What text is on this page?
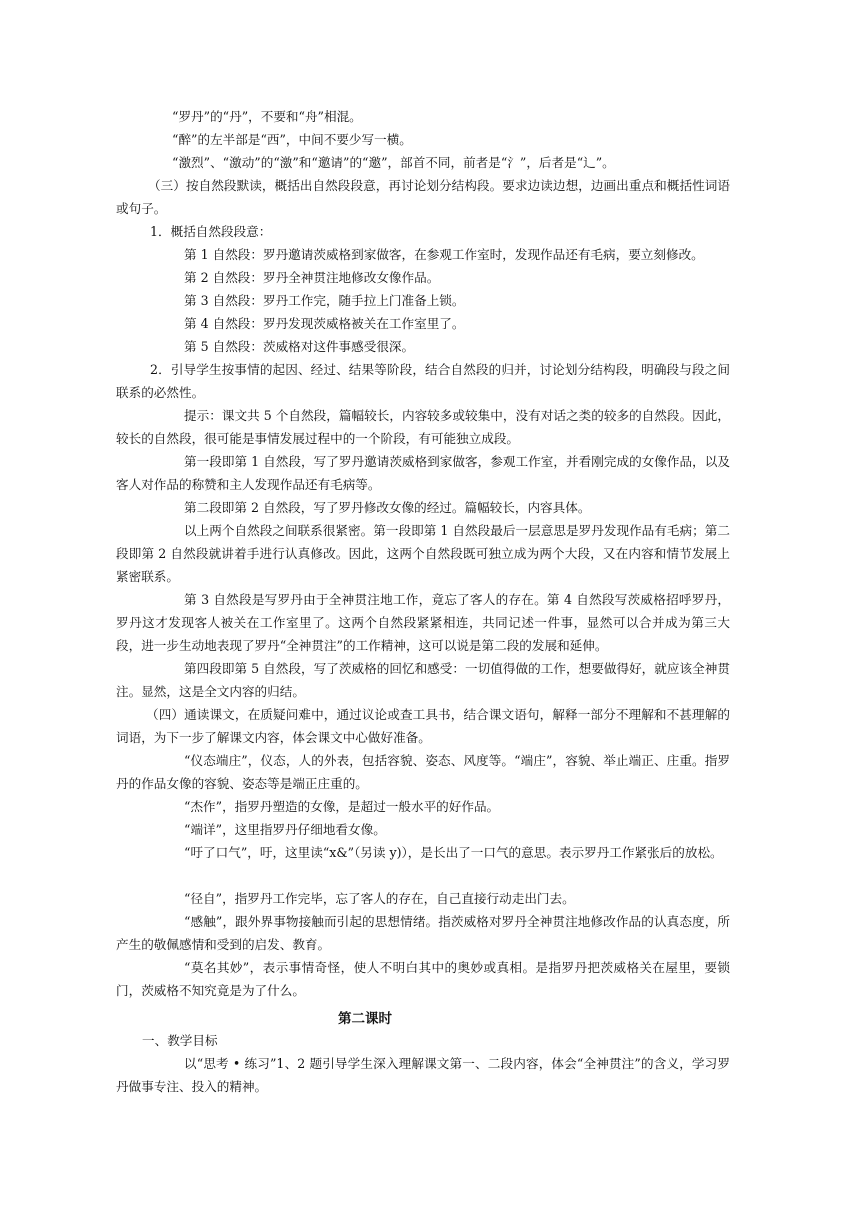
“罗丹”的“丹”，不要和“舟”相混。
“醉”的左半部是“西”，中间不要少写一横。
“激烈”、“激动”的“激”和“邀请”的“邀”，部首不同，前者是“氵”，后者是“辶”。
（三）按自然段默读，概括出自然段段意，再讨论划分结构段。要求边读边想，边画出重点和概括性词语或句子。
1．概括自然段段意：
第 1 自然段：罗丹邀请茨威格到家做客，在参观工作室时，发现作品还有毛病，要立刻修改。
第 2 自然段：罗丹全神贯注地修改女像作品。
第 3 自然段：罗丹工作完，随手拉上门准备上锁。
第 4 自然段：罗丹发现茨威格被关在工作室里了。
第 5 自然段：茨威格对这件事感受很深。
2．引导学生按事情的起因、经过、结果等阶段，结合自然段的归并，讨论划分结构段，明确段与段之间联系的必然性。
提示：课文共 5 个自然段，篇幅较长，内容较多或较集中，没有对话之类的较多的自然段。因此，较长的自然段，很可能是事情发展过程中的一个阶段，有可能独立成段。
第一段即第 1 自然段，写了罗丹邀请茨威格到家做客，参观工作室，并看刚完成的女像作品，以及客人对作品的称赞和主人发现作品还有毛病等。
第二段即第 2 自然段，写了罗丹修改女像的经过。篇幅较长，内容具体。
以上两个自然段之间联系很紧密。第一段即第 1 自然段最后一层意思是罗丹发现作品有毛病；第二段即第 2 自然段就讲着手进行认真修改。因此，这两个自然段既可独立成为两个大段，又在内容和情节发展上紧密联系。
第 3 自然段是写罗丹由于全神贯注地工作，竟忘了客人的存在。第 4 自然段写茨威格招呼罗丹，罗丹这才发现客人被关在工作室里了。这两个自然段紧紧相连，共同记述一件事，显然可以合并成为第三大段，进一步生动地表现了罗丹“全神贯注”的工作精神，这可以说是第二段的发展和延伸。
第四段即第 5 自然段，写了茨威格的回忆和感受：一切值得做的工作，想要做得好，就应该全神贯注。显然，这是全文内容的归结。
（四）通读课文，在质疑问难中，通过议论或查工具书，结合课文语句，解释一部分不理解和不甚理解的词语，为下一步了解课文内容，体会课文中心做好准备。
“仪态端庄”，仪态，人的外表，包括容貌、姿态、风度等。“端庄”，容貌、举止端正、庄重。指罗丹的作品女像的容貌、姿态等是端正庄重的。
“杰作”，指罗丹塑造的女像，是超过一般水平的好作品。
“端详”，这里指罗丹仔细地看女像。
“吁了口气”，吁，这里读“x&”（另读 y)），是长出了一口气的意思。表示罗丹工作紧张后的放松。
“径自”，指罗丹工作完毕，忘了客人的存在，自己直接行动走出门去。
“感触”，跟外界事物接触而引起的思想情绪。指茨威格对罗丹全神贯注地修改作品的认真态度，所产生的敬佩感情和受到的启发、教育。
“莫名其妙”，表示事情奇怪，使人不明白其中的奥妙或真相。是指罗丹把茨威格关在屋里，要锁门，茨威格不知究竟是为了什么。
第二课时
一、教学目标
以“思考 • 练习”1、2 题引导学生深入理解课文第一、二段内容，体会“全神贯注”的含义，学习罗丹做事专注、投入的精神。
